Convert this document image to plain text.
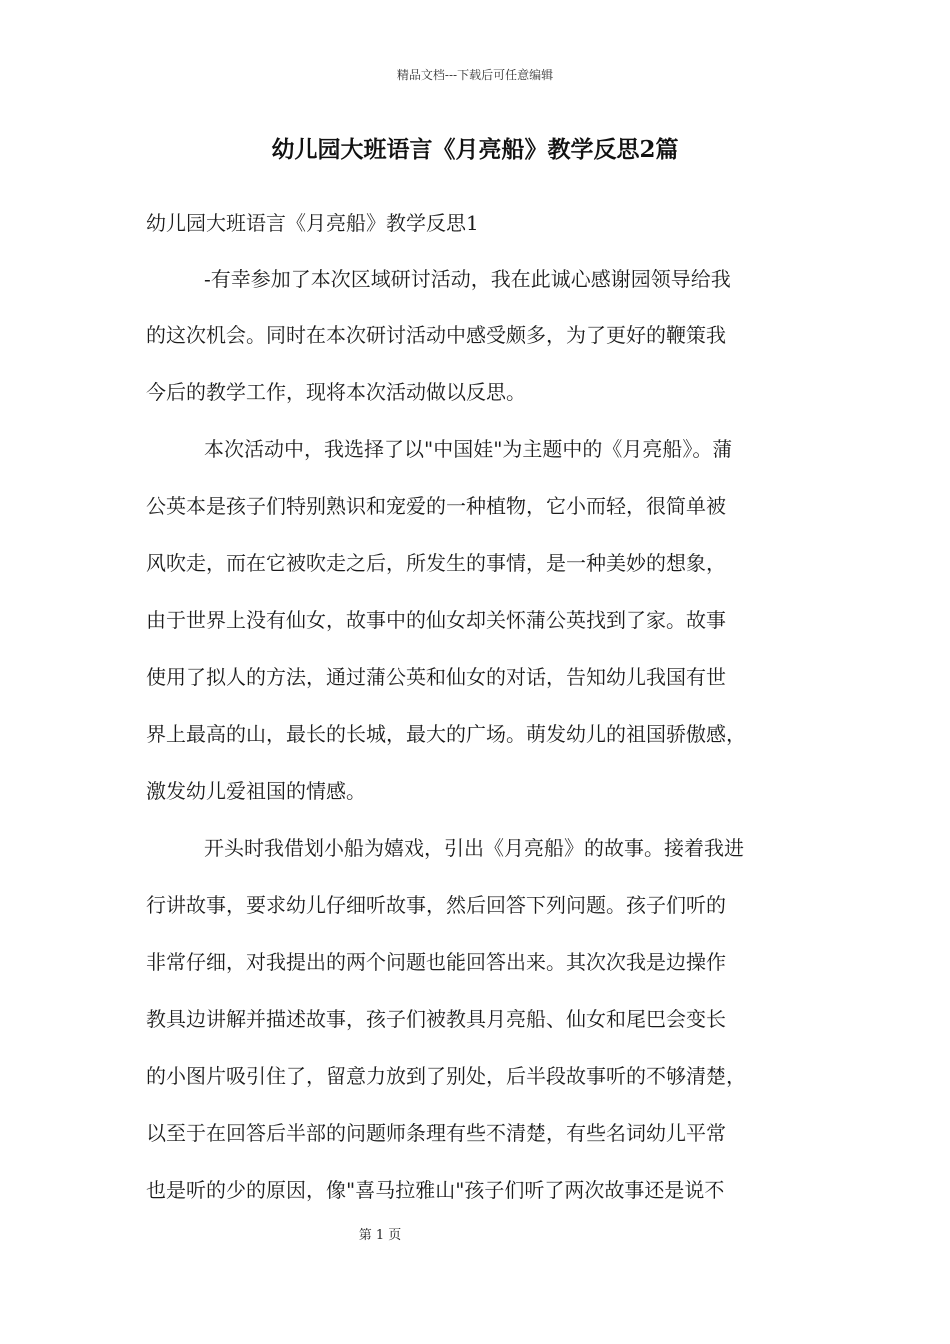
精品文档---下载后可任意编辑
幼儿园大班语言《月亮船》教学反思2篇
幼儿园大班语言《月亮船》教学反思1
-有幸参加了本次区域研讨活动，我在此诚心感谢园领导给我
的这次机会。同时在本次研讨活动中感受颇多，为了更好的鞭策我
今后的教学工作，现将本次活动做以反思。
本次活动中，我选择了以"中国娃"为主题中的《月亮船》。蒲
公英本是孩子们特别熟识和宠爱的一种植物，它小而轻，很简单被
风吹走，而在它被吹走之后，所发生的事情，是一种美妙的想象，
由于世界上没有仙女，故事中的仙女却关怀蒲公英找到了家。故事
使用了拟人的方法，通过蒲公英和仙女的对话，告知幼儿我国有世
界上最高的山，最长的长城，最大的广场。萌发幼儿的祖国骄傲感，
激发幼儿爱祖国的情感。
开头时我借划小船为嬉戏，引出《月亮船》的故事。接着我进
行讲故事，要求幼儿仔细听故事，然后回答下列问题。孩子们听的
非常仔细，对我提出的两个问题也能回答出来。其次次我是边操作
教具边讲解并描述故事，孩子们被教具月亮船、仙女和尾巴会变长
的小图片吸引住了，留意力放到了别处，后半段故事听的不够清楚，
以至于在回答后半部的问题师条理有些不清楚，有些名词幼儿平常
也是听的少的原因，像"喜马拉雅山"孩子们听了两次故事还是说不
第 1 页
